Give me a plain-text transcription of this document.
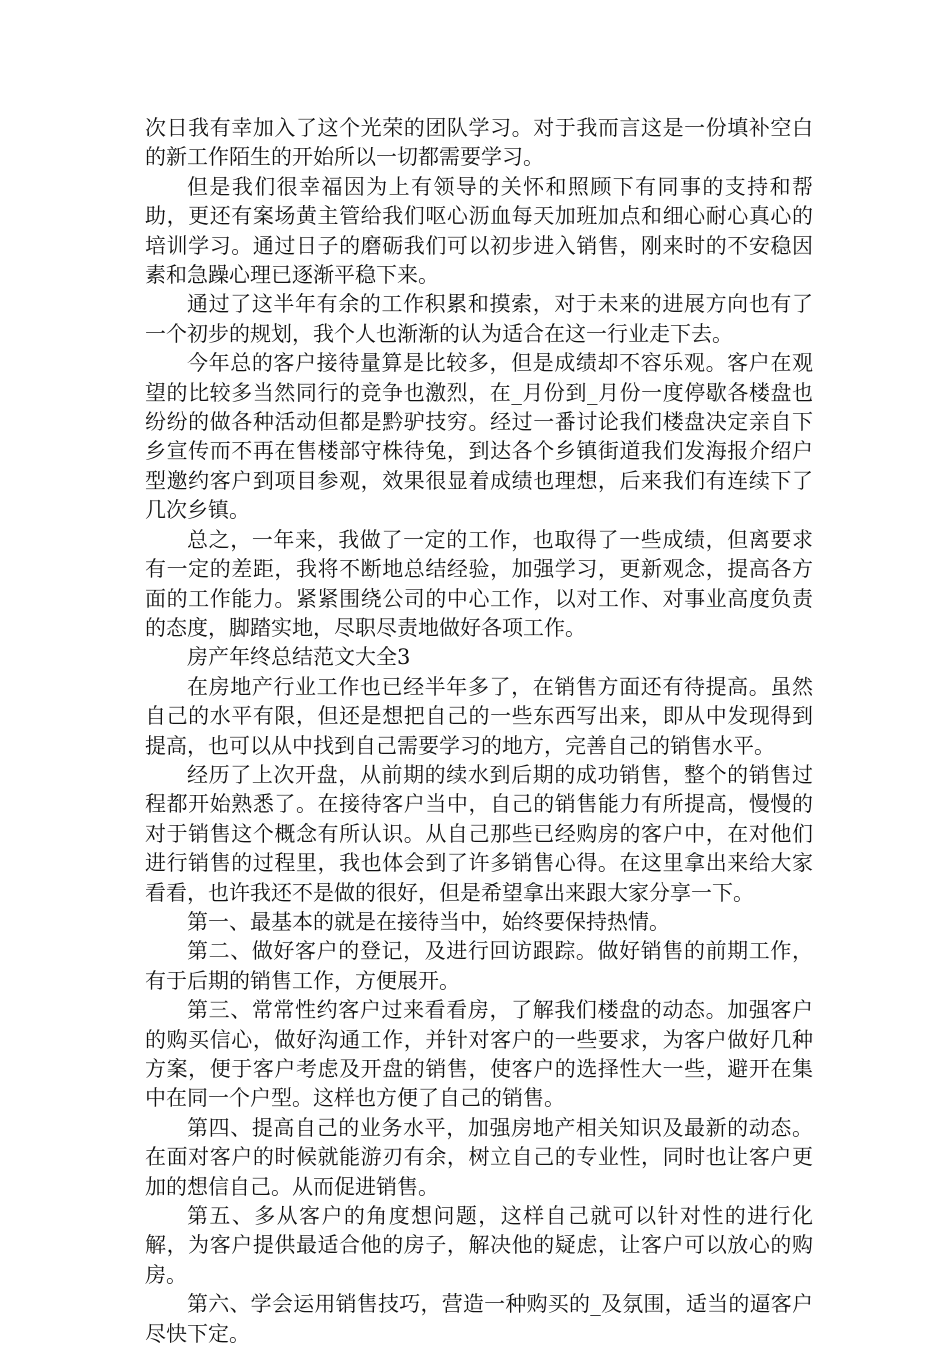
次日我有幸加入了这个光荣的团队学习。对于我而言这是一份填补空白的新工作陌生的开始所以一切都需要学习。

但是我们很幸福因为上有领导的关怀和照顾下有同事的支持和帮助，更还有案场黄主管给我们呕心沥血每天加班加点和细心耐心真心的培训学习。通过日子的磨砺我们可以初步进入销售，刚来时的不安稳因素和急躁心理已逐渐平稳下来。

通过了这半年有余的工作积累和摸索，对于未来的进展方向也有了一个初步的规划，我个人也渐渐的认为适合在这一行业走下去。

今年总的客户接待量算是比较多，但是成绩却不容乐观。客户在观望的比较多当然同行的竞争也激烈，在_月份到_月份一度停歇各楼盘也纷纷的做各种活动但都是黔驴技穷。经过一番讨论我们楼盘决定亲自下乡宣传而不再在售楼部守株待兔，到达各个乡镇街道我们发海报介绍户型邀约客户到项目参观，效果很显着成绩也理想，后来我们有连续下了几次乡镇。

总之，一年来，我做了一定的工作，也取得了一些成绩，但离要求有一定的差距，我将不断地总结经验，加强学习，更新观念，提高各方面的工作能力。紧紧围绕公司的中心工作，以对工作、对事业高度负责的态度，脚踏实地，尽职尽责地做好各项工作。

房产年终总结范文大全3

在房地产行业工作也已经半年多了，在销售方面还有待提高。虽然自己的水平有限，但还是想把自己的一些东西写出来，即从中发现得到提高，也可以从中找到自己需要学习的地方，完善自己的销售水平。

经历了上次开盘，从前期的续水到后期的成功销售，整个的销售过程都开始熟悉了。在接待客户当中，自己的销售能力有所提高，慢慢的对于销售这个概念有所认识。从自己那些已经购房的客户中，在对他们进行销售的过程里，我也体会到了许多销售心得。在这里拿出来给大家看看，也许我还不是做的很好，但是希望拿出来跟大家分享一下。

第一、最基本的就是在接待当中，始终要保持热情。

第二、做好客户的登记，及进行回访跟踪。做好销售的前期工作，有于后期的销售工作，方便展开。

第三、常常性约客户过来看看房，了解我们楼盘的动态。加强客户的购买信心，做好沟通工作，并针对客户的一些要求，为客户做好几种方案，便于客户考虑及开盘的销售，使客户的选择性大一些，避开在集中在同一个户型。这样也方便了自己的销售。

第四、提高自己的业务水平，加强房地产相关知识及最新的动态。在面对客户的时候就能游刃有余，树立自己的专业性，同时也让客户更加的想信自己。从而促进销售。

第五、多从客户的角度想问题，这样自己就可以针对性的进行化解，为客户提供最适合他的房子，解决他的疑虑，让客户可以放心的购房。

第六、学会运用销售技巧，营造一种购买的_及氛围，适当的逼客户尽快下定。
